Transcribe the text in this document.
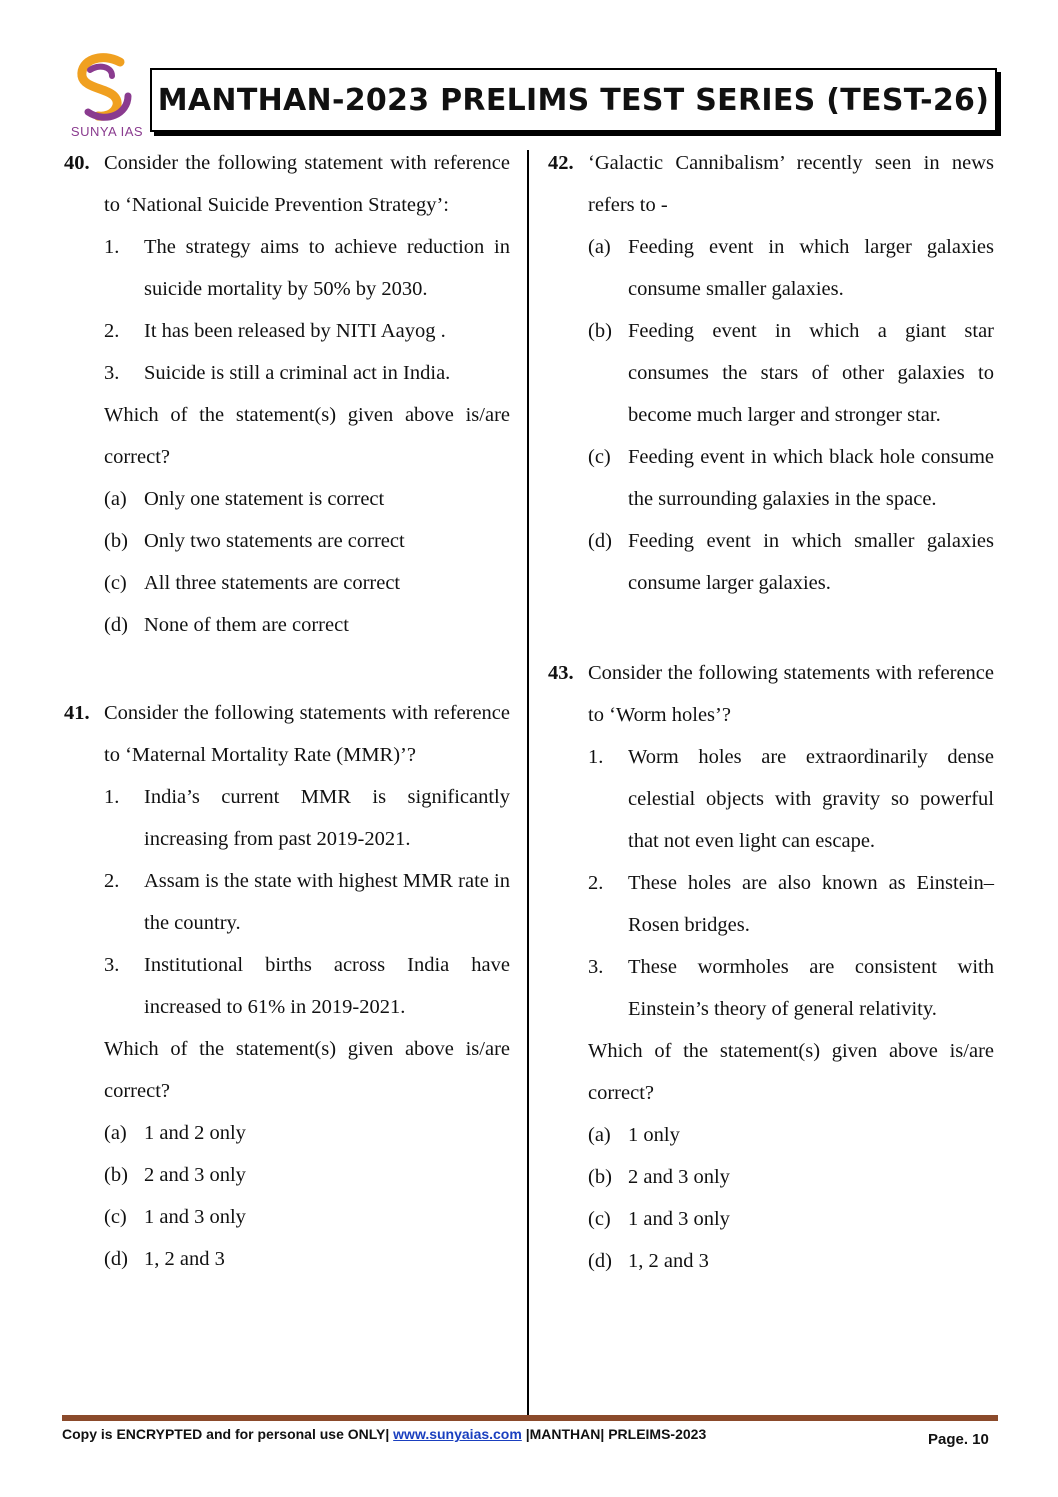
SUNYA IAS
MANTHAN-2023 PRELIMS TEST SERIES (TEST-26)
40. Consider the following statement with reference to ‘National Suicide Prevention Strategy’:
1.	The strategy aims to achieve reduction in suicide mortality by 50% by 2030.
2.	It has been released by NITI Aayog .
3.	Suicide is still a criminal act in India.
Which of the statement(s) given above is/are correct?
(a) Only one statement is correct
(b) Only two statements are correct
(c) All three statements are correct
(d) None of them are correct
41. Consider the following statements with reference to ‘Maternal Mortality Rate (MMR)’?
1.	India’s current MMR is significantly increasing from past 2019-2021.
2.	Assam is the state with highest MMR rate in the country.
3.	Institutional births across India have increased to 61% in 2019-2021.
Which of the statement(s) given above is/are correct?
(a) 1 and 2 only
(b) 2 and 3 only
(c) 1 and 3 only
(d) 1, 2 and 3
42. ‘Galactic Cannibalism’ recently seen in news refers to -
(a) Feeding event in which larger galaxies consume smaller galaxies.
(b) Feeding event in which a giant star consumes the stars of other galaxies to become much larger and stronger star.
(c) Feeding event in which black hole consume the surrounding galaxies in the space.
(d) Feeding event in which smaller galaxies consume larger galaxies.
43. Consider the following statements with reference to ‘Worm holes’?
1.	Worm holes are extraordinarily dense celestial objects with gravity so powerful that not even light can escape.
2.	These holes are also known as Einstein–Rosen bridges.
3.	These wormholes are consistent with Einstein’s theory of general relativity.
Which of the statement(s) given above is/are correct?
(a) 1 only
(b) 2 and 3 only
(c) 1 and 3 only
(d) 1, 2 and 3
Copy is ENCRYPTED and for personal use ONLY| www.sunyaias.com |MANTHAN| PRLEIMS-2023	Page. 10
